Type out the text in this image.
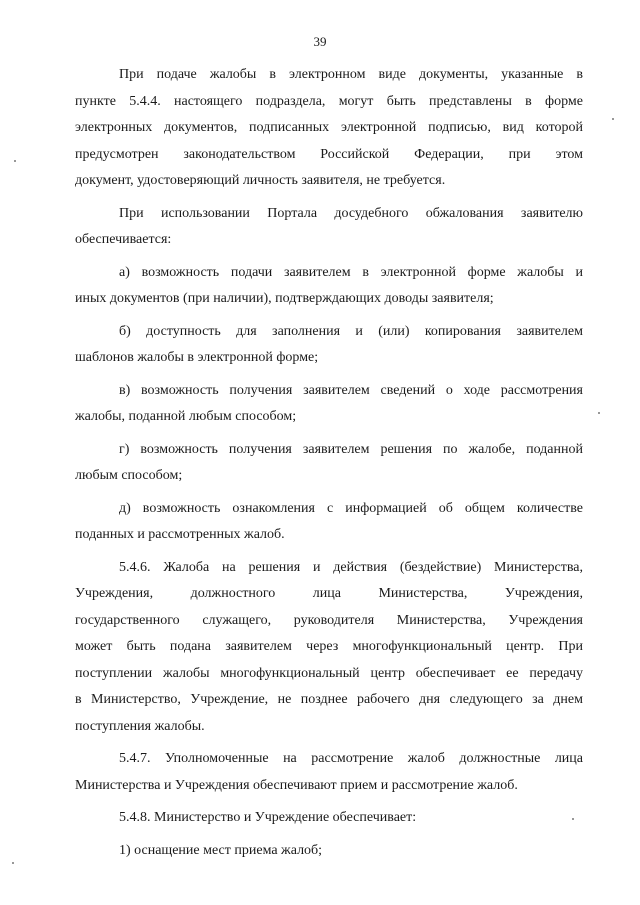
39
При подаче жалобы в электронном виде документы, указанные в
пункте 5.4.4. настоящего подраздела, могут быть представлены в форме
электронных документов, подписанных электронной подписью, вид которой
предусмотрен законодательством Российской Федерации, при этом
документ, удостоверяющий личность заявителя, не требуется.
При использовании Портала досудебного обжалования заявителю
обеспечивается:
а) возможность подачи заявителем в электронной форме жалобы и
иных документов (при наличии), подтверждающих доводы заявителя;
б) доступность для заполнения и (или) копирования заявителем
шаблонов жалобы в электронной форме;
в) возможность получения заявителем сведений о ходе рассмотрения
жалобы, поданной любым способом;
г) возможность получения заявителем решения по жалобе, поданной
любым способом;
д) возможность ознакомления с информацией об общем количестве
поданных и рассмотренных жалоб.
5.4.6. Жалоба на решения и действия (бездействие) Министерства,
Учреждения, должностного лица Министерства, Учреждения,
государственного служащего, руководителя Министерства, Учреждения
может быть подана заявителем через многофункциональный центр. При
поступлении жалобы многофункциональный центр обеспечивает ее передачу
в Министерство, Учреждение, не позднее рабочего дня следующего за днем
поступления жалобы.
5.4.7. Уполномоченные на рассмотрение жалоб должностные лица
Министерства и Учреждения обеспечивают прием и рассмотрение жалоб.
5.4.8. Министерство и Учреждение обеспечивает:
1) оснащение мест приема жалоб;
